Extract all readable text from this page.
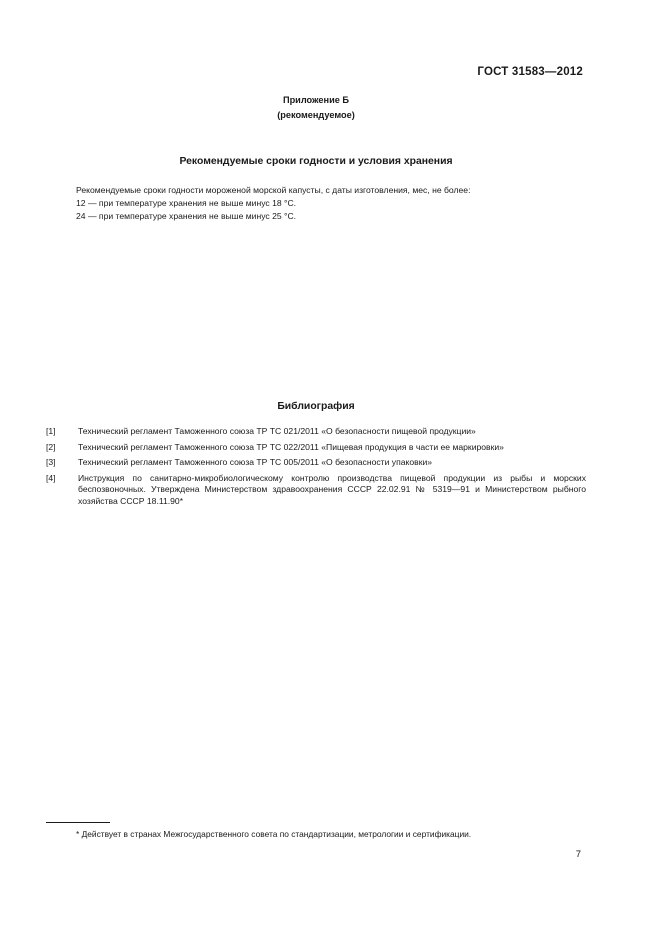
ГОСТ 31583—2012
Приложение Б
(рекомендуемое)
Рекомендуемые сроки годности и условия хранения
Рекомендуемые сроки годности мороженой морской капусты, с даты изготовления, мес, не более:
12 — при температуре хранения не выше минус 18 °С.
24 — при температуре хранения не выше минус 25 °С.
Библиография
[1]	Технический регламент Таможенного союза ТР ТС 021/2011 «О безопасности пищевой продукции»
[2]	Технический регламент Таможенного союза ТР ТС 022/2011 «Пищевая продукция в части ее маркировки»
[3]	Технический регламент Таможенного союза ТР ТС 005/2011 «О безопасности упаковки»
[4]	Инструкция по санитарно-микробиологическому контролю производства пищевой продукции из рыбы и морских беспозвоночных. Утверждена Министерством здравоохранения СССР 22.02.91 № 5319—91 и Министерством рыбного хозяйства СССР 18.11.90*
* Действует в странах Межгосударственного совета по стандартизации, метрологии и сертификации.
7
